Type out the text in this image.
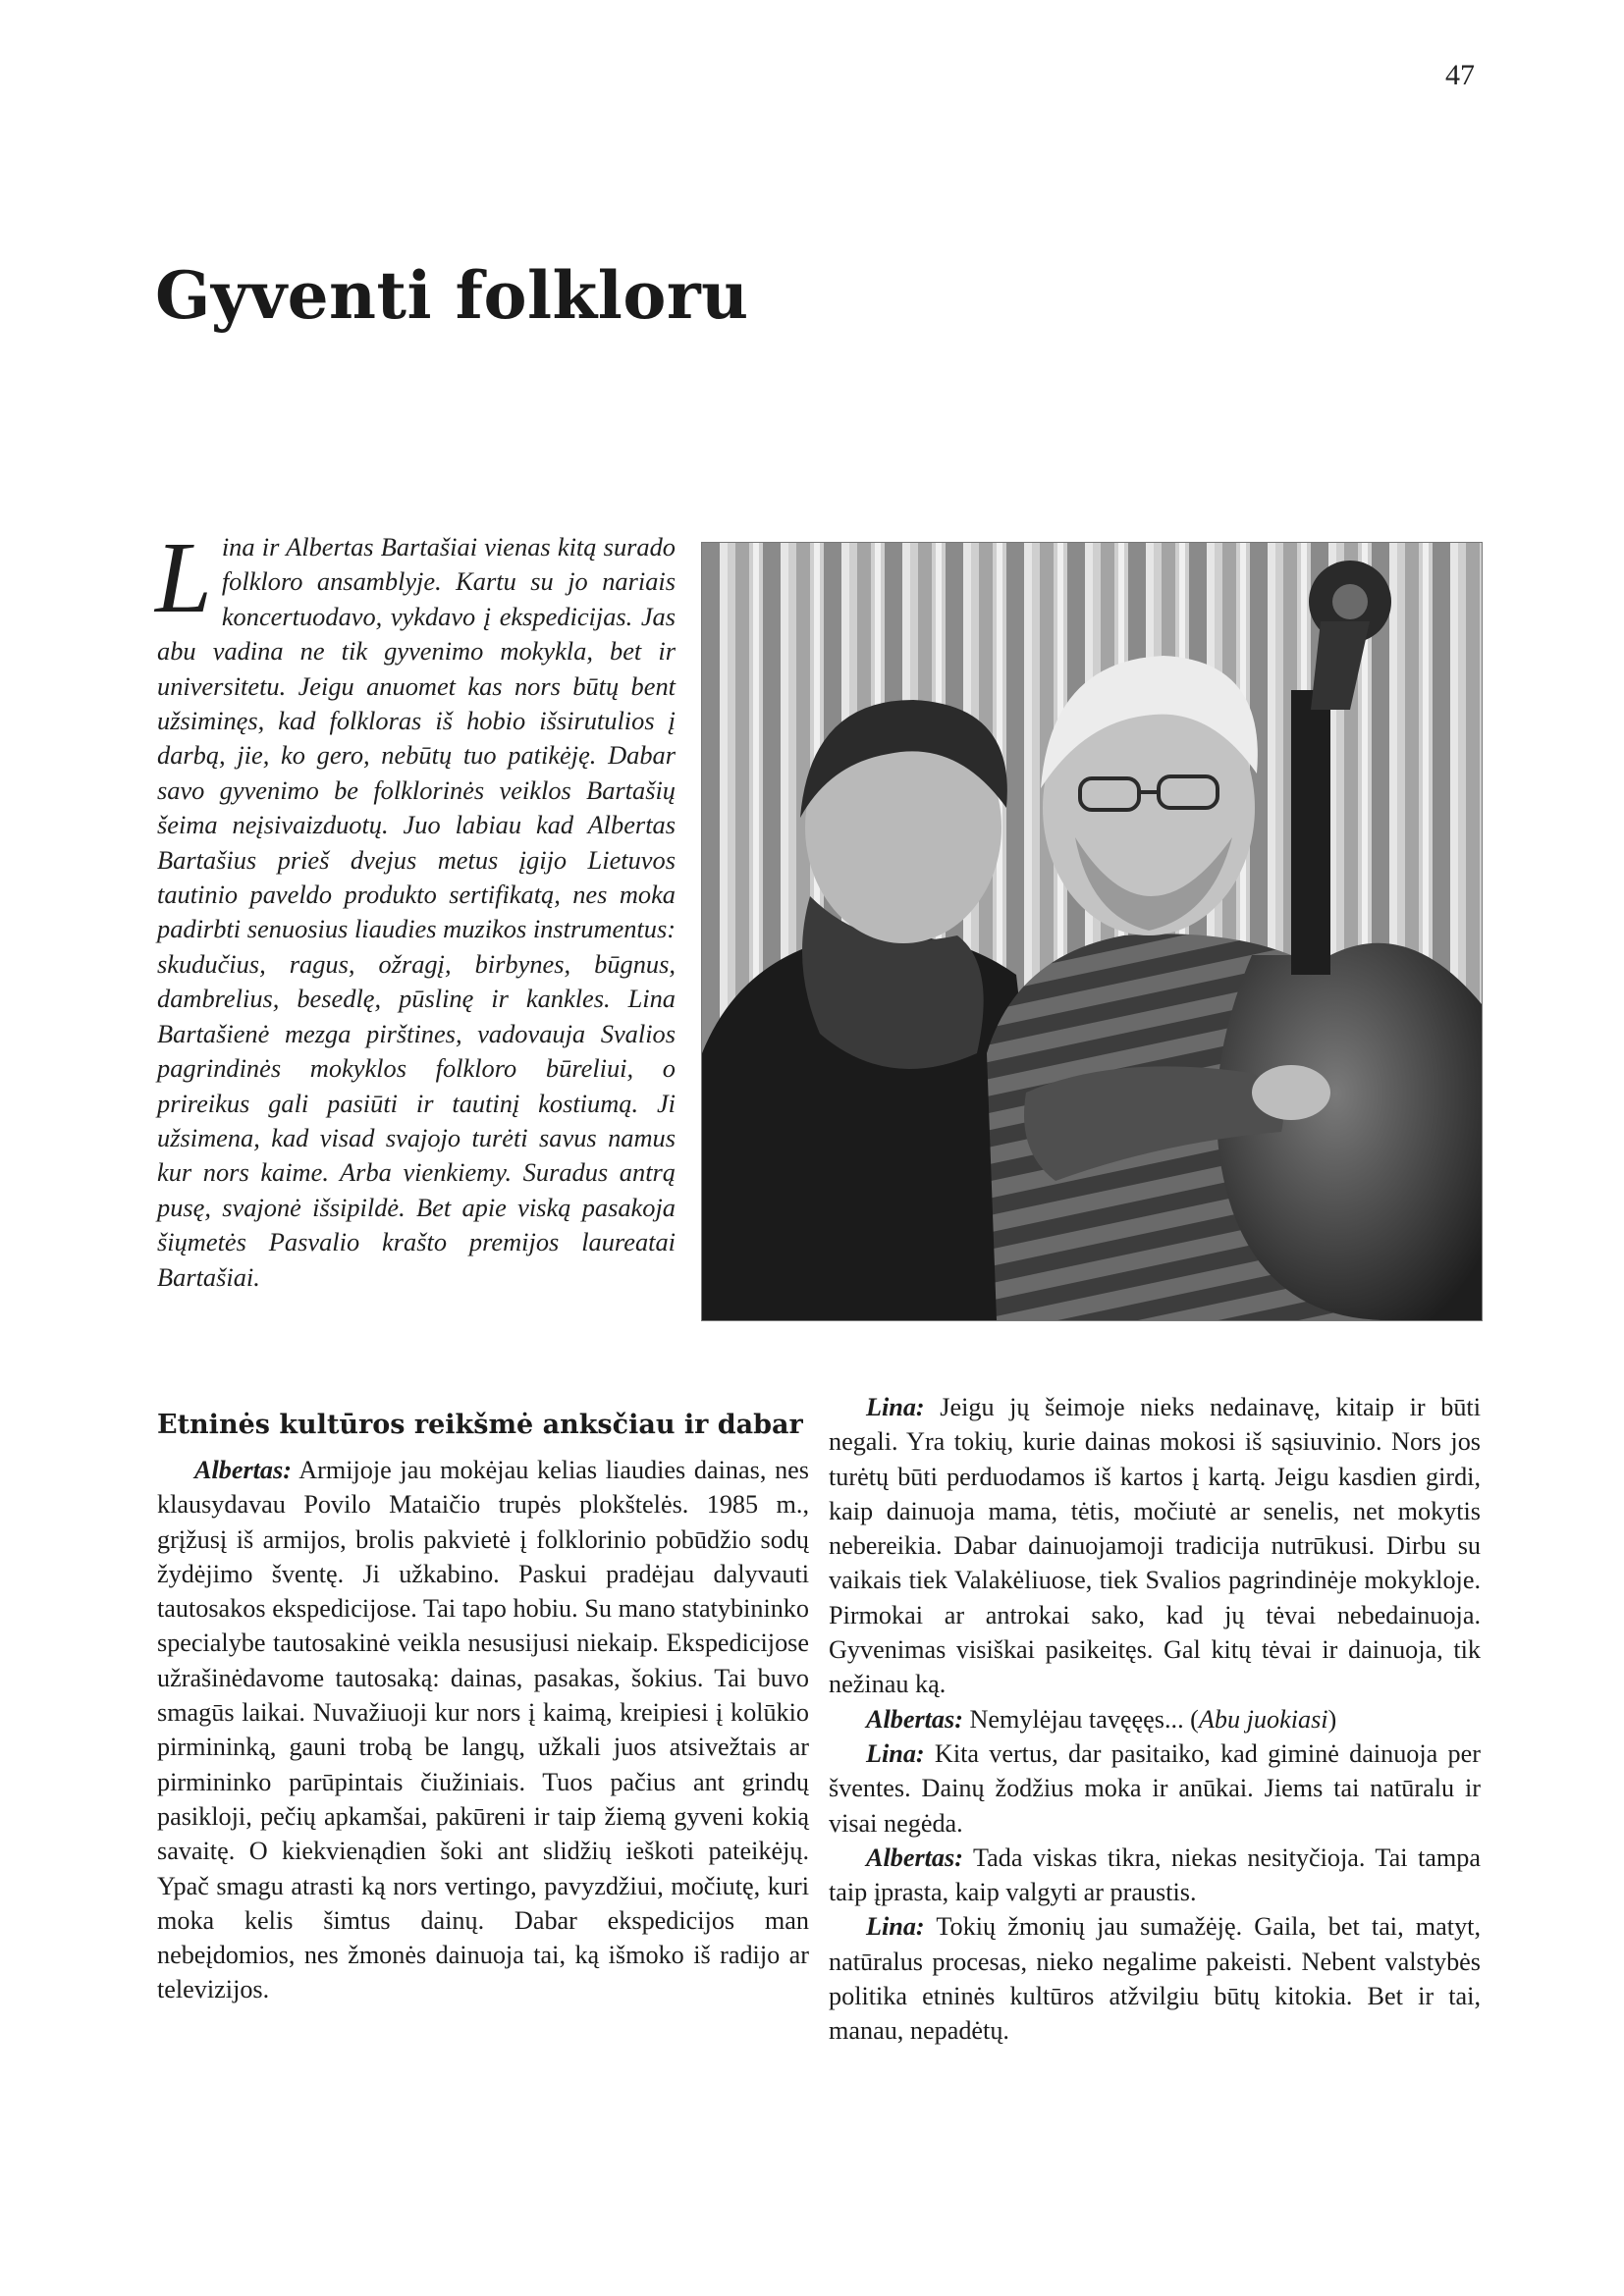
47
Gyventi folkloru

Lina ir Albertas Bartašiai vienas kitą surado folkloro ansamblyje. Kartu su jo nariais koncertuodavo, vykdavo į ekspedicijas. Jas abu vadina ne tik gyvenimo mokykla, bet ir universitetu. Jeigu anuomet kas nors būtų bent užsiminęs, kad folkloras iš hobio išsirutulios į darbą, jie, ko gero, nebūtų tuo patikėję. Dabar savo gyvenimo be folklorinės veiklos Bartašių šeima neįsivaizduotų. Juo labiau kad Albertas Bartašius prieš dvejus metus įgijo Lietuvos tautinio paveldo produkto sertifikatą, nes moka padirbti senuosius liaudies muzikos instrumentus: skudučius, ragus, ožragį, birbynes, būgnus, dambrelius, besedlę, pūslinę ir kankles. Lina Bartašienė mezga pirštines, vadovauja Svalios pagrindinės mokyklos folkloro būreliui, o prireikus gali pasiūti ir tautinį kostiumą. Ji užsimena, kad visad svajojo turėti savus namus kur nors kaime. Arba vienkiemy. Suradus antrą pusę, svajonė išsipildė. Bet apie viską pasakoja šiųmetės Pasvalio krašto premijos laureatai Bartašiai.

Etninės kultūros reikšmė anksčiau ir dabar

Albertas: Armijoje jau mokėjau kelias liaudies dainas, nes klausydavau Povilo Mataičio trupės plokštelės. 1985 m., grįžusį iš armijos, brolis pakvietė į folklorinio pobūdžio sodų žydėjimo šventę. Ji užkabino. Paskui pradėjau dalyvauti tautosakos ekspedicijose. Tai tapo hobiu. Su mano statybininko specialybe tautosakinė veikla nesusijusi niekaip. Ekspedicijose užrašinėdavome tautosaką: dainas, pasakas, šokius. Tai buvo smagūs laikai. Nuvažiuoji kur nors į kaimą, kreipiesi į kolūkio pirmininką, gauni trobą be langų, užkali juos atsivežtais ar pirmininko parūpintais čiužiniais. Tuos pačius ant grindų pasikloji, pečių apkamšai, pakūreni ir taip žiemą gyveni kokią savaitę. O kiekvienądien šoki ant slidžių ieškoti pateikėjų. Ypač smagu atrasti ką nors vertingo, pavyzdžiui, močiutę, kuri moka kelis šimtus dainų. Dabar ekspedicijos man nebeįdomios, nes žmonės dainuoja tai, ką išmoko iš radijo ar televizijos.

Lina: Jeigu jų šeimoje nieks nedainavę, kitaip ir būti negali. Yra tokių, kurie dainas mokosi iš sąsiuvinio. Nors jos turėtų būti perduodamos iš kartos į kartą. Jeigu kasdien girdi, kaip dainuoja mama, tėtis, močiutė ar senelis, net mokytis nebereikia. Dabar dainuojamoji tradicija nutrūkusi. Dirbu su vaikais tiek Valakėliuose, tiek Svalios pagrindinėje mokykloje. Pirmokai ar antrokai sako, kad jų tėvai nebedainuoja. Gyvenimas visiškai pasikeitęs. Gal kitų tėvai ir dainuoja, tik nežinau ką.

Albertas: Nemylėjau tavęęęs... (Abu juokiasi)

Lina: Kita vertus, dar pasitaiko, kad giminė dainuoja per šventes. Dainų žodžius moka ir anūkai. Jiems tai natūralu ir visai negėda.

Albertas: Tada viskas tikra, niekas nesityčioja. Tai tampa taip įprasta, kaip valgyti ar praustis.

Lina: Tokių žmonių jau sumažėję. Gaila, bet tai, matyt, natūralus procesas, nieko negalime pakeisti. Nebent valstybės politika etninės kultūros atžvilgiu būtų kitokia. Bet ir tai, manau, nepadėtų.
